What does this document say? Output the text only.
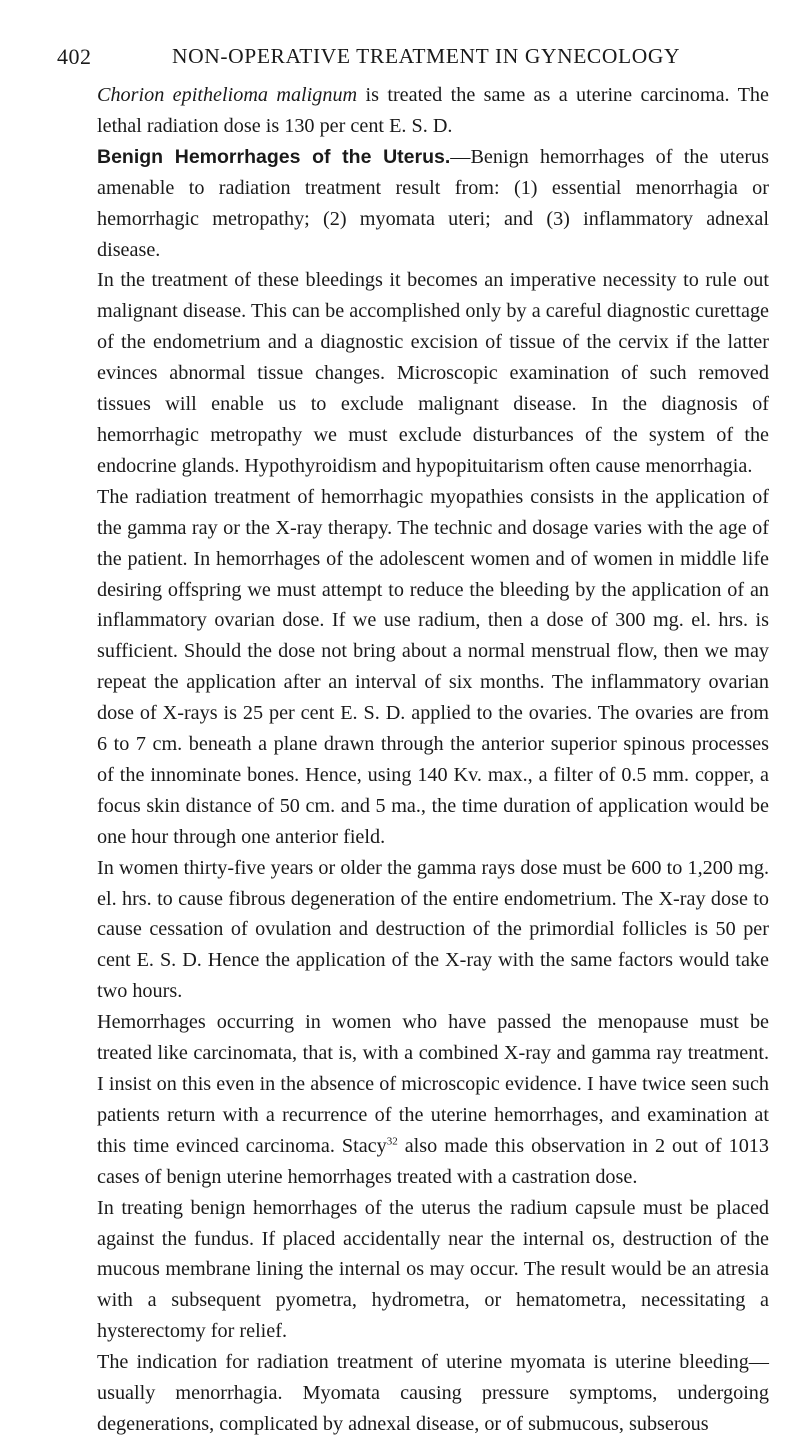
402	NON-OPERATIVE TREATMENT IN GYNECOLOGY

Chorion epithelioma malignum is treated the same as a uterine carcinoma. The lethal radiation dose is 130 per cent E. S. D.

Benign Hemorrhages of the Uterus.—Benign hemorrhages of the uterus amenable to radiation treatment result from: (1) essential menorrhagia or hemorrhagic metropathy; (2) myomata uteri; and (3) inflammatory adnexal disease.

In the treatment of these bleedings it becomes an imperative necessity to rule out malignant disease. This can be accomplished only by a careful diagnostic curettage of the endometrium and a diagnostic excision of tissue of the cervix if the latter evinces abnormal tissue changes. Microscopic examination of such removed tissues will enable us to exclude malignant disease. In the diagnosis of hemorrhagic metropathy we must exclude disturbances of the system of the endocrine glands. Hypothyroidism and hypopituitarism often cause menorrhagia.

The radiation treatment of hemorrhagic myopathies consists in the application of the gamma ray or the X-ray therapy. The technic and dosage varies with the age of the patient. In hemorrhages of the adolescent women and of women in middle life desiring offspring we must attempt to reduce the bleeding by the application of an inflammatory ovarian dose. If we use radium, then a dose of 300 mg. el. hrs. is sufficient. Should the dose not bring about a normal menstrual flow, then we may repeat the application after an interval of six months. The inflammatory ovarian dose of X-rays is 25 per cent E. S. D. applied to the ovaries. The ovaries are from 6 to 7 cm. beneath a plane drawn through the anterior superior spinous processes of the innominate bones. Hence, using 140 Kv. max., a filter of 0.5 mm. copper, a focus skin distance of 50 cm. and 5 ma., the time duration of application would be one hour through one anterior field.

In women thirty-five years or older the gamma rays dose must be 600 to 1,200 mg. el. hrs. to cause fibrous degeneration of the entire endometrium. The X-ray dose to cause cessation of ovulation and destruction of the primordial follicles is 50 per cent E. S. D. Hence the application of the X-ray with the same factors would take two hours.

Hemorrhages occurring in women who have passed the menopause must be treated like carcinomata, that is, with a combined X-ray and gamma ray treatment. I insist on this even in the absence of microscopic evidence. I have twice seen such patients return with a recurrence of the uterine hemorrhages, and examination at this time evinced carcinoma. Stacy$^{32}$ also made this observation in 2 out of 1013 cases of benign uterine hemorrhages treated with a castration dose.

In treating benign hemorrhages of the uterus the radium capsule must be placed against the fundus. If placed accidentally near the internal os, destruction of the mucous membrane lining the internal os may occur. The result would be an atresia with a subsequent pyometra, hydrometra, or hematometra, necessitating a hysterectomy for relief.

The indication for radiation treatment of uterine myomata is uterine bleeding—usually menorrhagia. Myomata causing pressure symptoms, undergoing degenerations, complicated by adnexal disease, or of submucous, subserous
